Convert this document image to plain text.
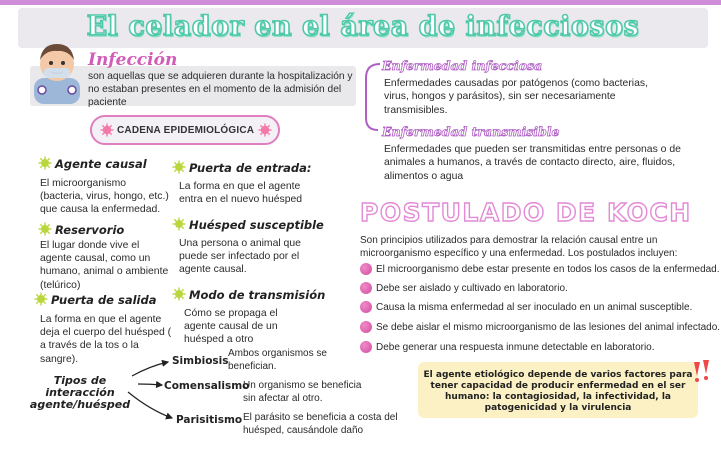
El celador en el área de infecciosos
Infección
son aquellas que se adquieren durante la hospitalización y no estaban presentes en el momento de la admisión del paciente
CADENA EPIDEMIOLÓGICA
Agente causal
El microorganismo (bacteria, virus, hongo, etc.) que causa la enfermedad.
Puerta de entrada:
La forma en que el agente entra en el nuevo huésped
Reservorio
El lugar donde vive el agente causal, como un humano, animal o ambiente (telúrico)
Huésped susceptible
Una persona o animal que puede ser infectado por el agente causal.
Puerta de salida
La forma en que el agente deja el cuerpo del huésped ( a través de la tos o la sangre).
Modo de transmisión
Cómo se propaga el agente causal de un huésped a otro
Tipos de interacción agente/huésped
Simbiosis
Ambos organismos se benefician.
Comensalismo
Un organismo se beneficia sin afectar al otro.
Parisitismo El parásito se beneficia a costa del huésped, causándole daño
Enfermedad infecciosa
Enfermedades causadas por patógenos (como bacterias, virus, hongos y parásitos), sin ser necesariamente transmisibles.
Enfermedad transmisible
Enfermedades que pueden ser transmitidas entre personas o de animales a humanos, a través de contacto directo, aire, fluidos, alimentos o agua
POSTULADO DE KOCH
Son principios utilizados para demostrar la relación causal entre un microorganismo específico y una enfermedad. Los postulados incluyen:
El microorganismo debe estar presente en todos los casos de la enfermedad.
Debe ser aislado y cultivado en laboratorio.
Causa la misma enfermedad al ser inoculado en un animal susceptible.
Se debe aislar el mismo microorganismo de las lesiones del animal infectado.
Debe generar una respuesta inmune detectable en laboratorio.
El agente etiológico depende de varios factores para tener capacidad de producir enfermedad en el ser humano: la contagiosidad, la infectividad, la patogenicidad y la virulencia
